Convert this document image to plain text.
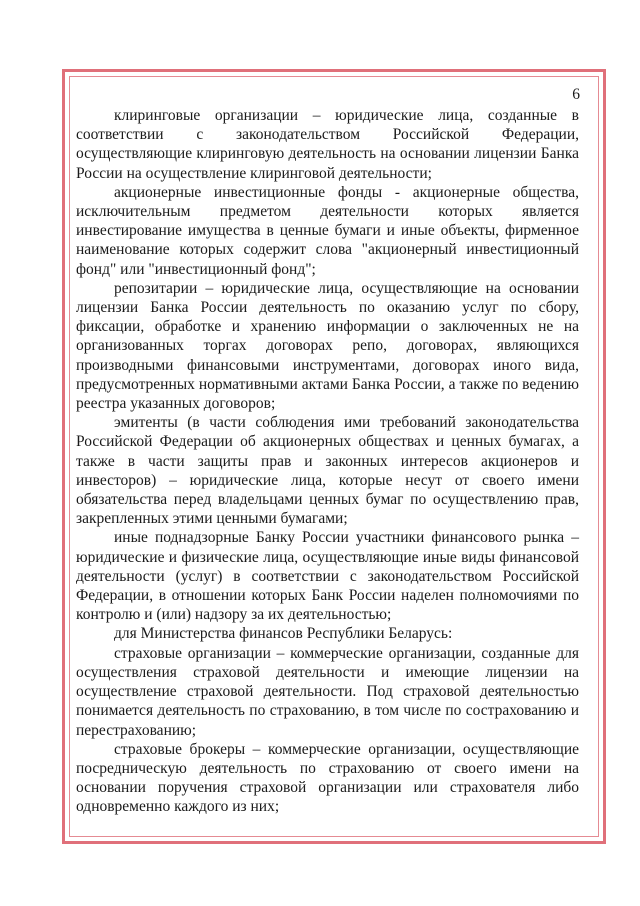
6

клиринговые организации – юридические лица, созданные в соответствии с законодательством Российской Федерации, осуществляющие клиринговую деятельность на основании лицензии Банка России на осуществление клиринговой деятельности;

акционерные инвестиционные фонды - акционерные общества, исключительным предметом деятельности которых является инвестирование имущества в ценные бумаги и иные объекты, фирменное наименование которых содержит слова "акционерный инвестиционный фонд" или "инвестиционный фонд";

репозитарии – юридические лица, осуществляющие на основании лицензии Банка России деятельность по оказанию услуг по сбору, фиксации, обработке и хранению информации о заключенных не на организованных торгах договорах репо, договорах, являющихся производными финансовыми инструментами, договорах иного вида, предусмотренных нормативными актами Банка России, а также по ведению реестра указанных договоров;

эмитенты (в части соблюдения ими требований законодательства Российской Федерации об акционерных обществах и ценных бумагах, а также в части защиты прав и законных интересов акционеров и инвесторов) – юридические лица, которые несут от своего имени обязательства перед владельцами ценных бумаг по осуществлению прав, закрепленных этими ценными бумагами;

иные поднадзорные Банку России участники финансового рынка – юридические и физические лица, осуществляющие иные виды финансовой деятельности (услуг) в соответствии с законодательством Российской Федерации, в отношении которых Банк России наделен полномочиями по контролю и (или) надзору за их деятельностью;

для Министерства финансов Республики Беларусь:

страховые организации – коммерческие организации, созданные для осуществления страховой деятельности и имеющие лицензии на осуществление страховой деятельности. Под страховой деятельностью понимается деятельность по страхованию, в том числе по сострахованию и перестрахованию;

страховые брокеры – коммерческие организации, осуществляющие посредническую деятельность по страхованию от своего имени на основании поручения страховой организации или страхователя либо одновременно каждого из них;
